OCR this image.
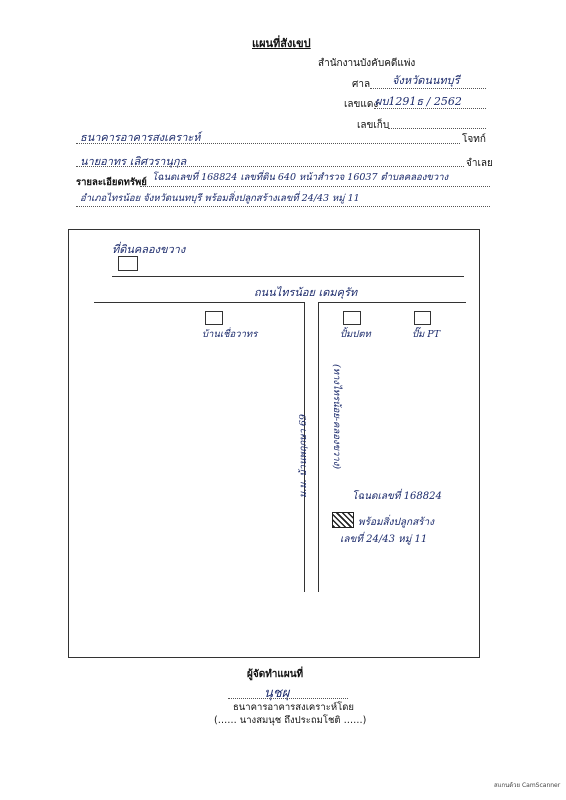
แผนที่สังเขป
สำนักงานบังคับคดีแพ่ง
ศาล จังหวัดนนทบุรี
เลขแดง
ผบ1291ธ / 2562
เลขเก็บ
ธนาคารอาคารสงเคราะห์	โจทก์
นายอาทร เลิศวรานุกุล	จำเลย
รายละเอียดทรัพย์ โฉนดเลขที่ 168824 เลขที่ดิน 640 หน้าสำรวจ 16037 ตำบลคลองขวาง
อำเภอไทรน้อย จังหวัดนนทบุรี พร้อมสิ่งปลูกสร้างเลขที่ 24/43 หมู่ 11
ที่ดินคลองขวาง
ถนนไทรน้อย เดมคุรัท
บ้านเชื่อวาทร	ปั้มปตท	ปั๊ม PT
ม.ม. บ้านพฤกษา 69 (ทางไทรน้อย-คลองขวาง)
โฉนดเลขที่ 168824
พร้อมสิ่งปลูกสร้าง
เลขที่ 24/43 หมู่ 11
ผู้จัดทำแผนที่
นุชผุ
ธนาคารอาคารสงเคราะห์โดย
(…… นางสมนุช ถึงประถมโชติ ……)
สแกนด้วย CamScanner
